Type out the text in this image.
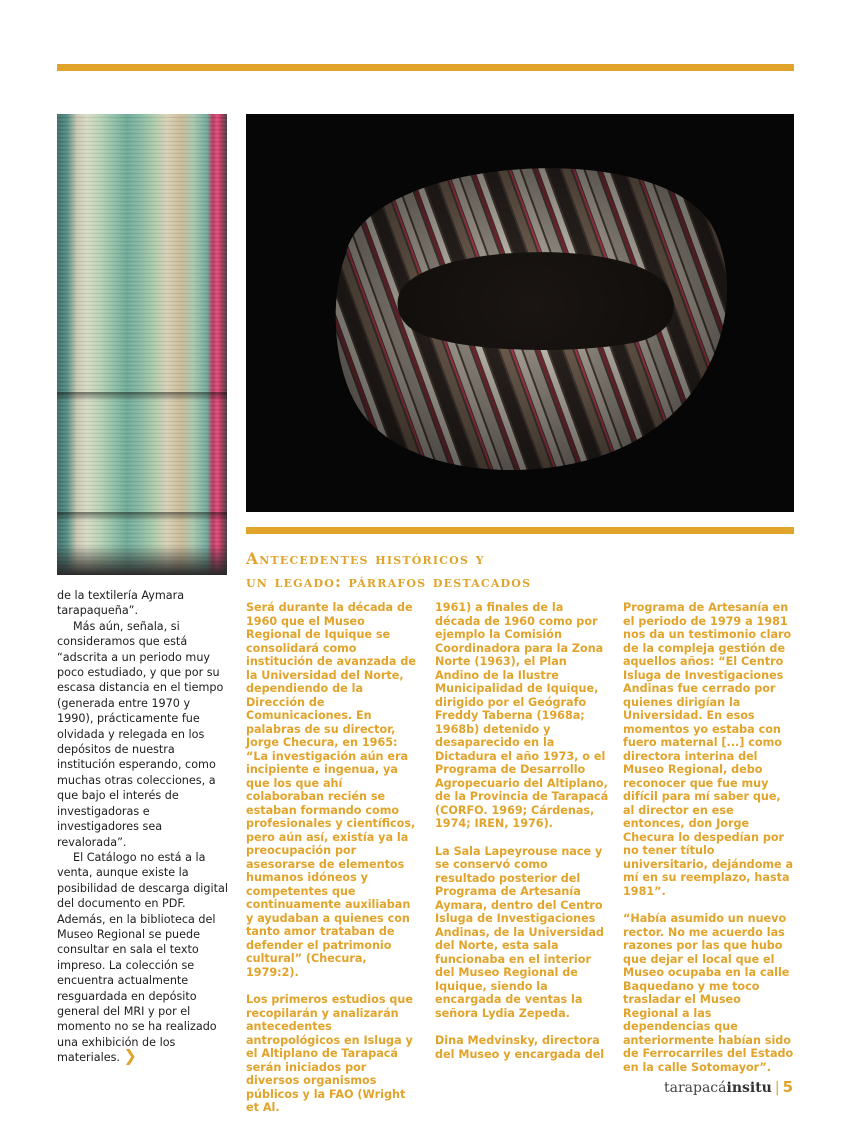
de la textilería Aymara tarapaqueña”.

Más aún, señala, si consideramos que está “adscrita a un periodo muy poco estudiado, y que por su escasa distancia en el tiempo (generada entre 1970 y 1990), prácticamente fue olvidada y relegada en los depósitos de nuestra institución esperando, como muchas otras colecciones, a que bajo el interés de investigadoras e investigadores sea revalorada”.

El Catálogo no está a la venta, aunque existe la posibilidad de descarga digital del documento en PDF. Además, en la biblioteca del Museo Regional se puede consultar en sala el texto impreso. La colección se encuentra actualmente resguardada en depósito general del MRI y por el momento no se ha realizado una exhibición de los materiales. ❯

Antecedentes históricos y
un legado: párrafos destacados

Será durante la década de 1960 que el Museo Regional de Iquique se consolidará como institución de avanzada de la Universidad del Norte, dependiendo de la Dirección de Comunicaciones. En palabras de su director, Jorge Checura, en 1965: “La investigación aún era incipiente e ingenua, ya que los que ahí colaboraban recién se estaban formando como profesionales y científicos, pero aún así, existía ya la preocupación por asesorarse de elementos humanos idóneos y competentes que continuamente auxiliaban y ayudaban a quienes con tanto amor trataban de defender el patrimonio cultural” (Checura, 1979:2).

Los primeros estudios que recopilarán y analizarán antecedentes antropológicos en Isluga y el Altiplano de Tarapacá serán iniciados por diversos organismos públicos y la FAO (Wright et Al.

1961) a finales de la década de 1960 como por ejemplo la Comisión Coordinadora para la Zona Norte (1963), el Plan Andino de la Ilustre Municipalidad de Iquique, dirigido por el Geógrafo Freddy Taberna (1968a; 1968b) detenido y desaparecido en la Dictadura el año 1973, o el Programa de Desarrollo Agropecuario del Altiplano, de la Provincia de Tarapacá (CORFO. 1969; Cárdenas, 1974; IREN, 1976).

La Sala Lapeyrouse nace y se conservó como resultado posterior del Programa de Artesanía Aymara, dentro del Centro Isluga de Investigaciones Andinas, de la Universidad del Norte, esta sala funcionaba en el interior del Museo Regional de Iquique, siendo la encargada de ventas la señora Lydia Zepeda.

Dina Medvinsky, directora del Museo y encargada del

Programa de Artesanía en el periodo de 1979 a 1981 nos da un testimonio claro de la compleja gestión de aquellos años: “El Centro Isluga de Investigaciones Andinas fue cerrado por quienes dirigían la Universidad. En esos momentos yo estaba con fuero maternal [...] como directora interina del Museo Regional, debo reconocer que fue muy difícil para mí saber que, al director en ese entonces, don Jorge Checura lo despedían por no tener título universitario, dejándome a mí en su reemplazo, hasta 1981”.

“Había asumido un nuevo rector. No me acuerdo las razones por las que hubo que dejar el local que el Museo ocupaba en la calle Baquedano y me toco trasladar el Museo Regional a las dependencias que anteriormente habían sido de Ferrocarriles del Estado en la calle Sotomayor”.

tarapacáinsitu | 5
